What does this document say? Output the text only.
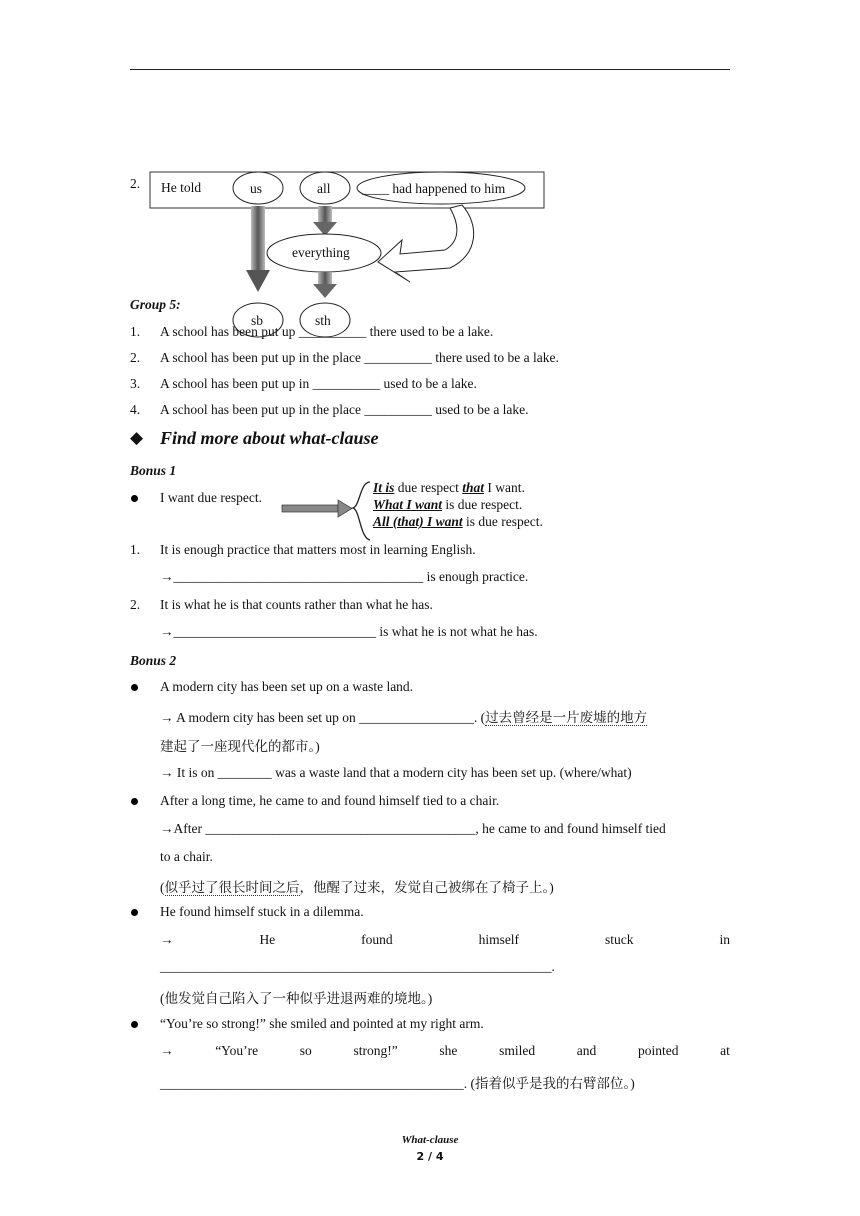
2. He told	us	all ____ had happened to him
everything
sb	sth
Group 5:
1. A school has been put up __________ there used to be a lake.
2. A school has been put up in the place __________ there used to be a lake.
3. A school has been put up in __________ used to be a lake.
4. A school has been put up in the place __________ used to be a lake.
◆ Find more about what-clause
Bonus 1
I want due respect.
It is due respect that I want.
What I want is due respect.
All (that) I want is due respect.
1. It is enough practice that matters most in learning English.
→_____________________________________ is enough practice.
2. It is what he is that counts rather than what he has.
→______________________________ is what he is not what he has.
Bonus 2
A modern city has been set up on a waste land.
→ A modern city has been set up on _________________. (过去曾经是一片废墟的地方
建起了一座现代化的都市。)
→ It is on ________ was a waste land that a modern city has been set up. (where/what)
After a long time, he came to and found himself tied to a chair.
→After ________________________________________, he came to and found himself tied
to a chair.
(似乎过了很长时间之后，他醒了过来，发觉自己被绑在了椅子上。)
He found himself stuck in a dilemma.
→	He	found	himself	stuck	in
__________________________________________________________.
(他发觉自己陷入了一种似乎进退两难的境地。)
“You’re so strong!” she smiled and pointed at my right arm.
→	“You’re	so	strong!”	she	smiled	and	pointed	at
_____________________________________________. (指着似乎是我的右臂部位。)
What-clause
2 / 4
